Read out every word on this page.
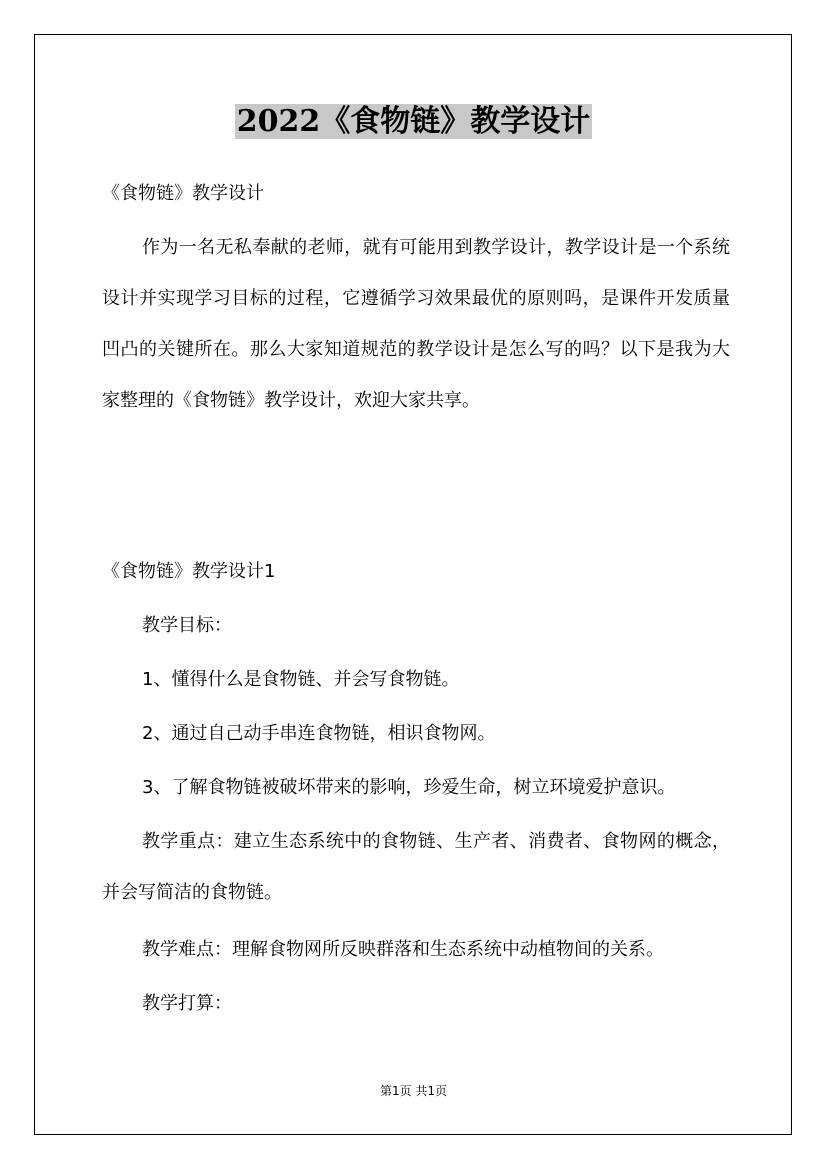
2022《食物链》教学设计

《食物链》教学设计

作为一名无私奉献的老师，就有可能用到教学设计，教学设计是一个系统设计并实现学习目标的过程，它遵循学习效果最优的原则吗，是课件开发质量凹凸的关键所在。那么大家知道规范的教学设计是怎么写的吗？以下是我为大家整理的《食物链》教学设计，欢迎大家共享。

《食物链》教学设计1

教学目标：

1、懂得什么是食物链、并会写食物链。

2、通过自己动手串连食物链，相识食物网。

3、了解食物链被破坏带来的影响，珍爱生命，树立环境爱护意识。

教学重点：建立生态系统中的食物链、生产者、消费者、食物网的概念，并会写简洁的食物链。

教学难点：理解食物网所反映群落和生态系统中动植物间的关系。

教学打算：

第1页 共1页
